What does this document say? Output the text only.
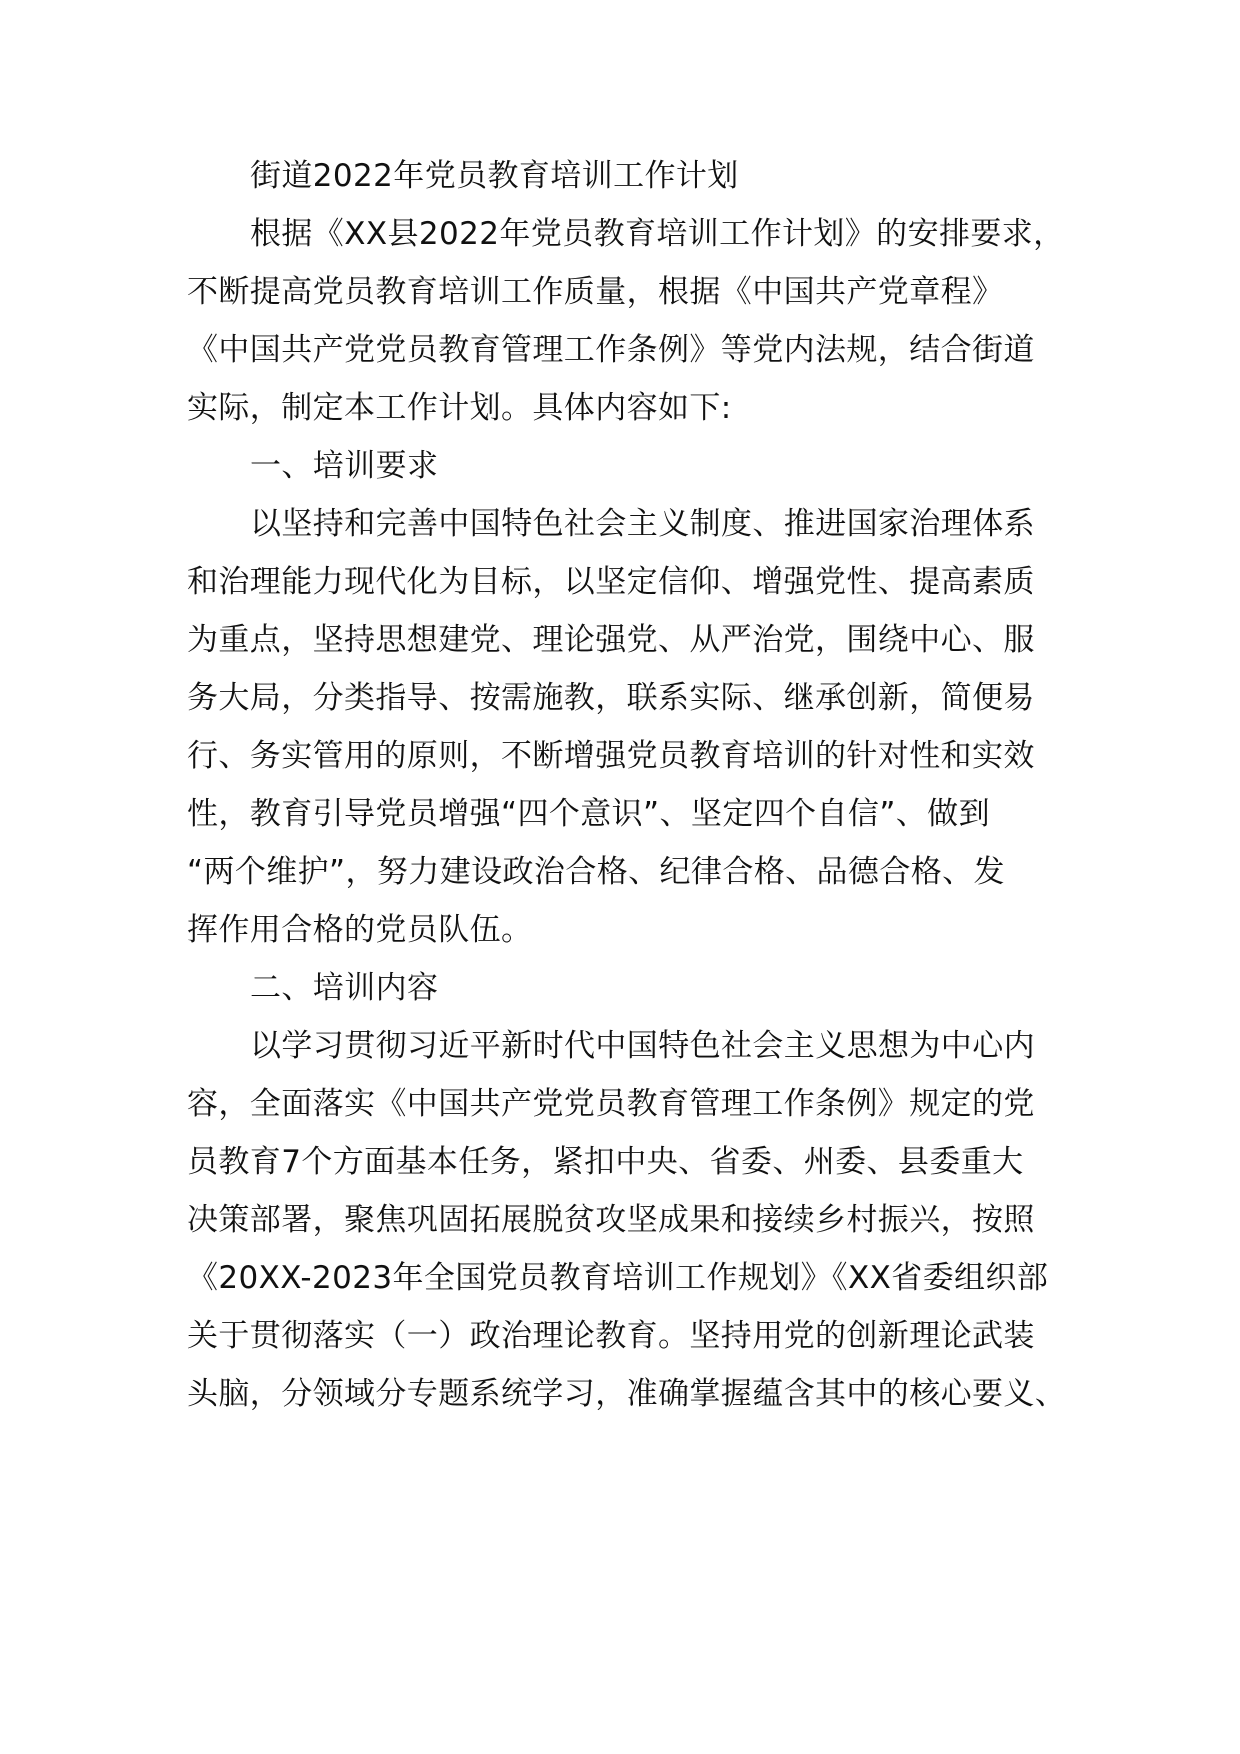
街道2022年党员教育培训工作计划
根据《XX县2022年党员教育培训工作计划》的安排要求，
不断提高党员教育培训工作质量，根据《中国共产党章程》
《中国共产党党员教育管理工作条例》等党内法规，结合街道
实际，制定本工作计划。具体内容如下:
一、培训要求
以坚持和完善中国特色社会主义制度、推进国家治理体系
和治理能力现代化为目标，以坚定信仰、增强党性、提高素质
为重点，坚持思想建党、理论强党、从严治党，围绕中心、服
务大局，分类指导、按需施教，联系实际、继承创新，简便易
行、务实管用的原则，不断增强党员教育培训的针对性和实效
性，教育引导党员增强“四个意识”、坚定四个自信”、做到
“两个维护”，努力建设政治合格、纪律合格、品德合格、发
挥作用合格的党员队伍。
二、培训内容
以学习贯彻习近平新时代中国特色社会主义思想为中心内
容，全面落实《中国共产党党员教育管理工作条例》规定的党
员教育7个方面基本任务，紧扣中央、省委、州委、县委重大
决策部署，聚焦巩固拓展脱贫攻坚成果和接续乡村振兴，按照
《20XX-2023年全国党员教育培训工作规划》《XX省委组织部
关于贯彻落实（一）政治理论教育。坚持用党的创新理论武装
头脑，分领域分专题系统学习，准确掌握蕴含其中的核心要义、
